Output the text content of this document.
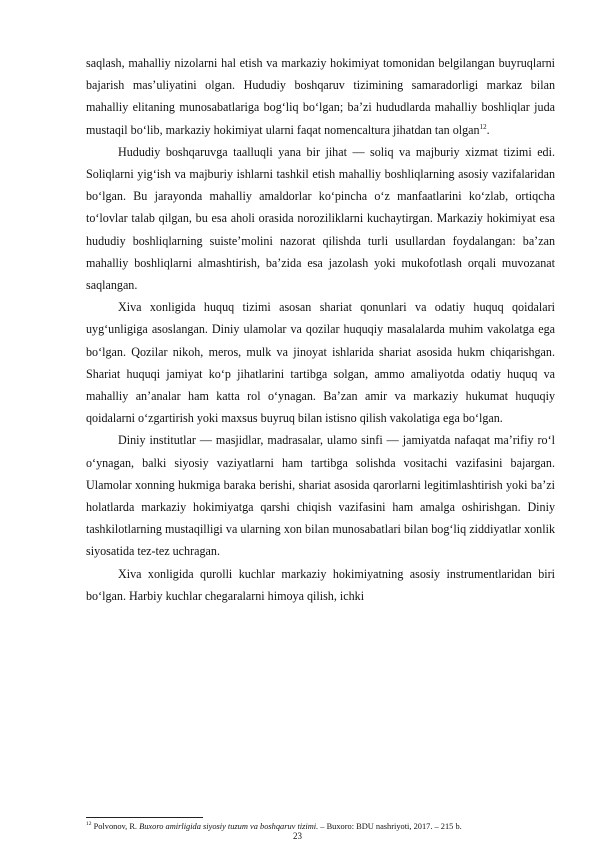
saqlash, mahalliy nizolarni hal etish va markaziy hokimiyat tomonidan belgilangan buyruqlarni bajarish mas’uliyatini olgan. Hududiy boshqaruv tizimining samaradorligi markaz bilan mahalliy elitaning munosabatlariga bog‘liq bo‘lgan; ba’zi hududlarda mahalliy boshliqlar juda mustaqil bo‘lib, markaziy hokimiyat ularni faqat nomencaltura jihatdan tan olgan$^{12}$.

Hududiy boshqaruvga taalluqli yana bir jihat — soliq va majburiy xizmat tizimi edi. Soliqlarni yig‘ish va majburiy ishlarni tashkil etish mahalliy boshliqlarning asosiy vazifalaridan bo‘lgan. Bu jarayonda mahalliy amaldorlar ko‘pincha o‘z manfaatlarini ko‘zlab, ortiqcha to‘lovlar talab qilgan, bu esa aholi orasida noroziliklarni kuchaytirgan. Markaziy hokimiyat esa hududiy boshliqlarning suiste’molini nazorat qilishda turli usullardan foydalangan: ba’zan mahalliy boshliqlarni almashtirish, ba’zida esa jazolash yoki mukofotlash orqali muvozanat saqlangan.

Xiva xonligida huquq tizimi asosan shariat qonunlari va odatiy huquq qoidalari uyg‘unligiga asoslangan. Diniy ulamolar va qozilar huquqiy masalalarda muhim vakolatga ega bo‘lgan. Qozilar nikoh, meros, mulk va jinoyat ishlarida shariat asosida hukm chiqarishgan. Shariat huquqi jamiyat ko‘p jihatlarini tartibga solgan, ammo amaliyotda odatiy huquq va mahalliy an’analar ham katta rol o‘ynagan. Ba’zan amir va markaziy hukumat huquqiy qoidalarni o‘zgartirish yoki maxsus buyruq bilan istisno qilish vakolatiga ega bo‘lgan.

Diniy institutlar — masjidlar, madrasalar, ulamo sinfi — jamiyatda nafaqat ma’rifiy ro‘l o‘ynagan, balki siyosiy vaziyatlarni ham tartibga solishda vositachi vazifasini bajargan. Ulamolar xonning hukmiga baraka berishi, shariat asosida qarorlarni legitimlashtirish yoki ba’zi holatlarda markaziy hokimiyatga qarshi chiqish vazifasini ham amalga oshirishgan. Diniy tashkilotlarning mustaqilligi va ularning xon bilan munosabatlari bilan bog‘liq ziddiyatlar xonlik siyosatida tez-tez uchragan.

Xiva xonligida qurolli kuchlar markaziy hokimiyatning asosiy instrumentlaridan biri bo‘lgan. Harbiy kuchlar chegaralarni himoya qilish, ichki

$^{12}$ Polvonov, R. Buxoro amirligida siyosiy tuzum va boshqaruv tizimi. – Buxoro: BDU nashriyoti, 2017. – 215 b.
23
